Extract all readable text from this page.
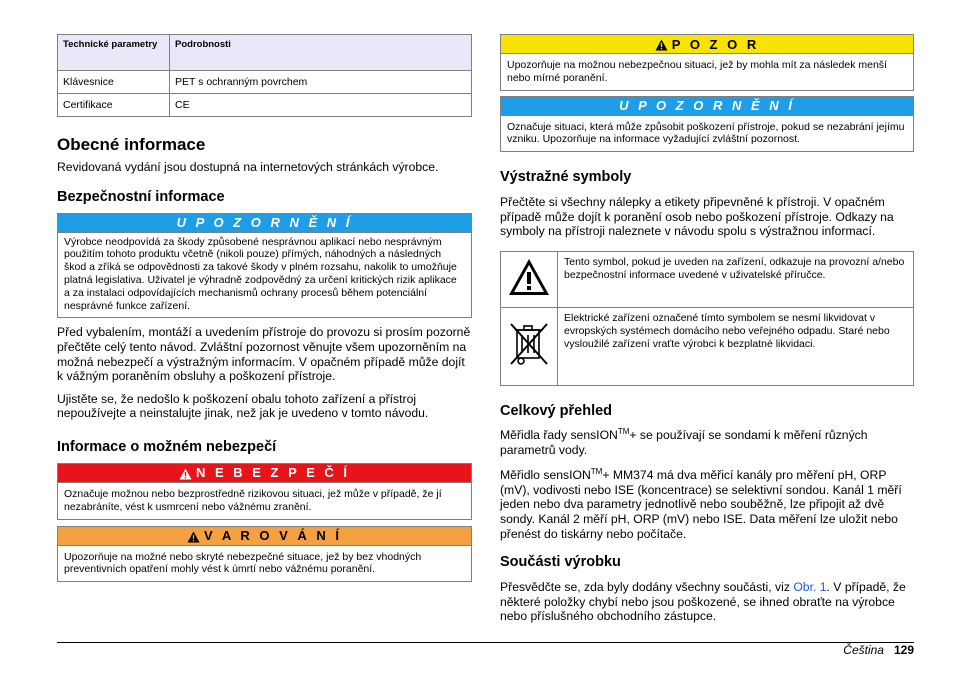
Technické parametry	Podrobnosti
Klávesnice	PET s ochranným povrchem
Certifikace	CE
Obecné informace

Revidovaná vydání jsou dostupná na internetových stránkách výrobce.

Bezpečnostní informace
U P O Z O R N Ě N Í
Výrobce neodpovídá za škody způsobené nesprávnou aplikací nebo nesprávným použitím tohoto produktu včetně (nikoli pouze) přímých, náhodných a následných škod a zříká se odpovědnosti za takové škody v plném rozsahu, nakolik to umožňuje platná legislativa. Uživatel je výhradně zodpovědný za určení kritických rizik aplikace a za instalaci odpovídajících mechanismů ochrany procesů během potenciální nesprávné funkce zařízení.

Před vybalením, montáží a uvedením přístroje do provozu si prosím pozorně přečtěte celý tento návod. Zvláštní pozornost věnujte všem upozorněním na možná nebezpečí a výstražným informacím. V opačném případě může dojít k vážným poraněním obsluhy a poškození přístroje.

Ujistěte se, že nedošlo k poškození obalu tohoto zařízení a přístroj nepoužívejte a neinstalujte jinak, než jak je uvedeno v tomto návodu.

Informace o možném nebezpečí
N E B E Z P E Č Í
Označuje možnou nebo bezprostředně rizikovou situaci, jež může v případě, že jí nezabráníte, vést k usmrcení nebo vážnému zranění.
V A R O V Á N Í
Upozorňuje na možné nebo skryté nebezpečné situace, jež by bez vhodných preventivních opatření mohly vést k úmrtí nebo vážnému poranění.
P O Z O R
Upozorňuje na možnou nebezpečnou situaci, jež by mohla mít za následek menší nebo mírné poranění.
U P O Z O R N Ě N Í
Označuje situaci, která může způsobit poškození přístroje, pokud se nezabrání jejímu vzniku. Upozorňuje na informace vyžadující zvláštní pozornost.
Výstražné symboly

Přečtěte si všechny nálepky a etikety připevněné k přístroji. V opačném případě může dojít k poranění osob nebo poškození přístroje. Odkazy na symboly na přístroji naleznete v návodu spolu s výstražnou informací.

	Tento symbol, pokud je uveden na zařízení, odkazuje na provozní a/nebo bezpečnostní informace uvedené v uživatelské příručce.
	Elektrické zařízení označené tímto symbolem se nesmí likvidovat v evropských systémech domácího nebo veřejného odpadu. Staré nebo vysloužilé zařízení vraťte výrobci k bezplatné likvidaci.
Celkový přehled

Měřidla řady sensION™+ se používají se sondami k měření různých parametrů vody.

Měřidlo sensION™+ MM374 má dva měřicí kanály pro měření pH, ORP (mV), vodivosti nebo ISE (koncentrace) se selektivní sondou. Kanál 1 měří jeden nebo dva parametry jednotlivě nebo souběžně, lze připojit až dvě sondy. Kanál 2 měří pH, ORP (mV) nebo ISE. Data měření lze uložit nebo přenést do tiskárny nebo počítače.

Součásti výrobku

Přesvědčte se, zda byly dodány všechny součásti, viz Obr. 1. V případě, že některé položky chybí nebo jsou poškozené, se ihned obraťte na výrobce nebo příslušného obchodního zástupce.

Čeština 129
